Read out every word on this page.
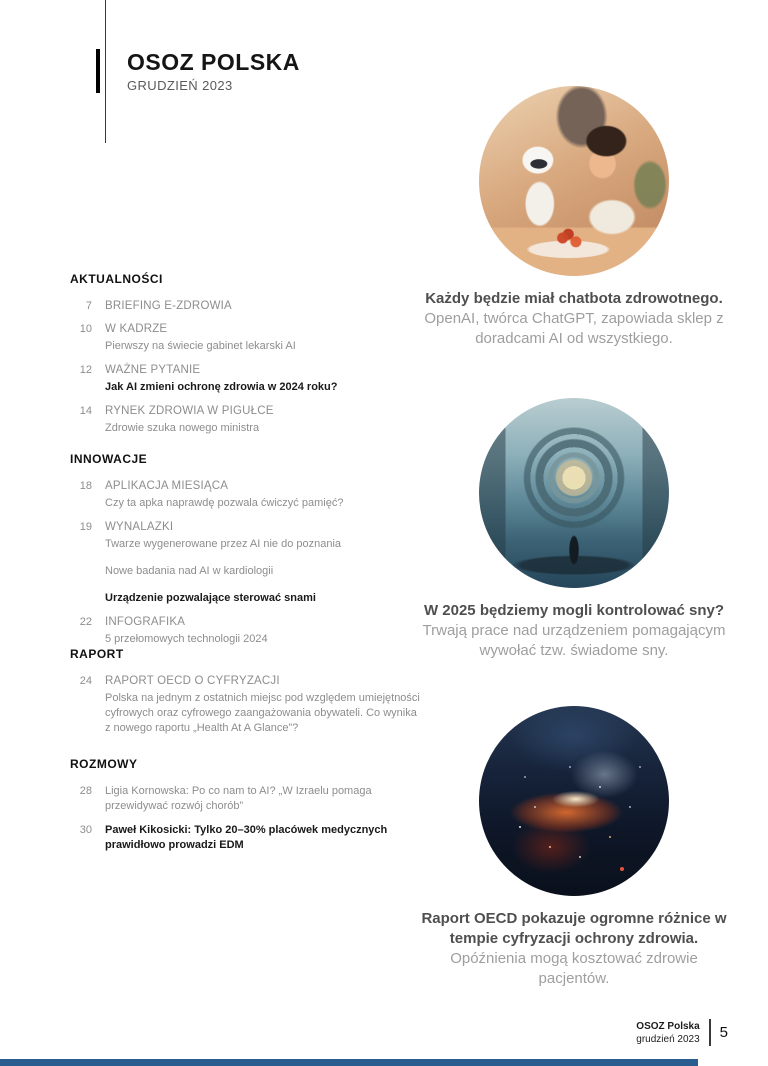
OSOZ POLSKA
GRUDZIEŃ 2023
AKTUALNOŚCI
7 BRIEFING E-ZDROWIA
10 W KADRZE
Pierwszy na świecie gabinet lekarski AI
12 WAŻNE PYTANIE
Jak AI zmieni ochronę zdrowia w 2024 roku?
14 RYNEK ZDROWIA W PIGUŁCE
Zdrowie szuka nowego ministra
INNOWACJE
18 APLIKACJA MIESIĄCA
Czy ta apka naprawdę pozwala ćwiczyć pamięć?
19 WYNALAZKI
Twarze wygenerowane przez AI nie do poznania
Nowe badania nad AI w kardiologii
Urządzenie pozwalające sterować snami
22 INFOGRAFIKA
5 przełomowych technologii 2024
RAPORT
24 RAPORT OECD O CYFRYZACJI
Polska na jednym z ostatnich miejsc pod względem umiejętności cyfrowych oraz cyfrowego zaangażowania obywateli. Co wynika z nowego raportu „Health At A Glance”?
ROZMOWY
28 Ligia Kornowska: Po co nam to AI? „W Izraelu pomaga przewidywać rozwój chorób”
30 Paweł Kikosicki: Tylko 20–30% placówek medycznych prawidłowo prowadzi EDM
Każdy będzie miał chatbota zdrowotnego.
OpenAI, twórca ChatGPT, zapowiada sklep z doradcami AI od wszystkiego.
W 2025 będziemy mogli kontrolować sny?
Trwają prace nad urządzeniem pomagającym wywołać tzw. świadome sny.
Raport OECD pokazuje ogromne różnice w tempie cyfryzacji ochrony zdrowia.
Opóźnienia mogą kosztować zdrowie pacjentów.
OSOZ Polska
grudzień 2023 5
